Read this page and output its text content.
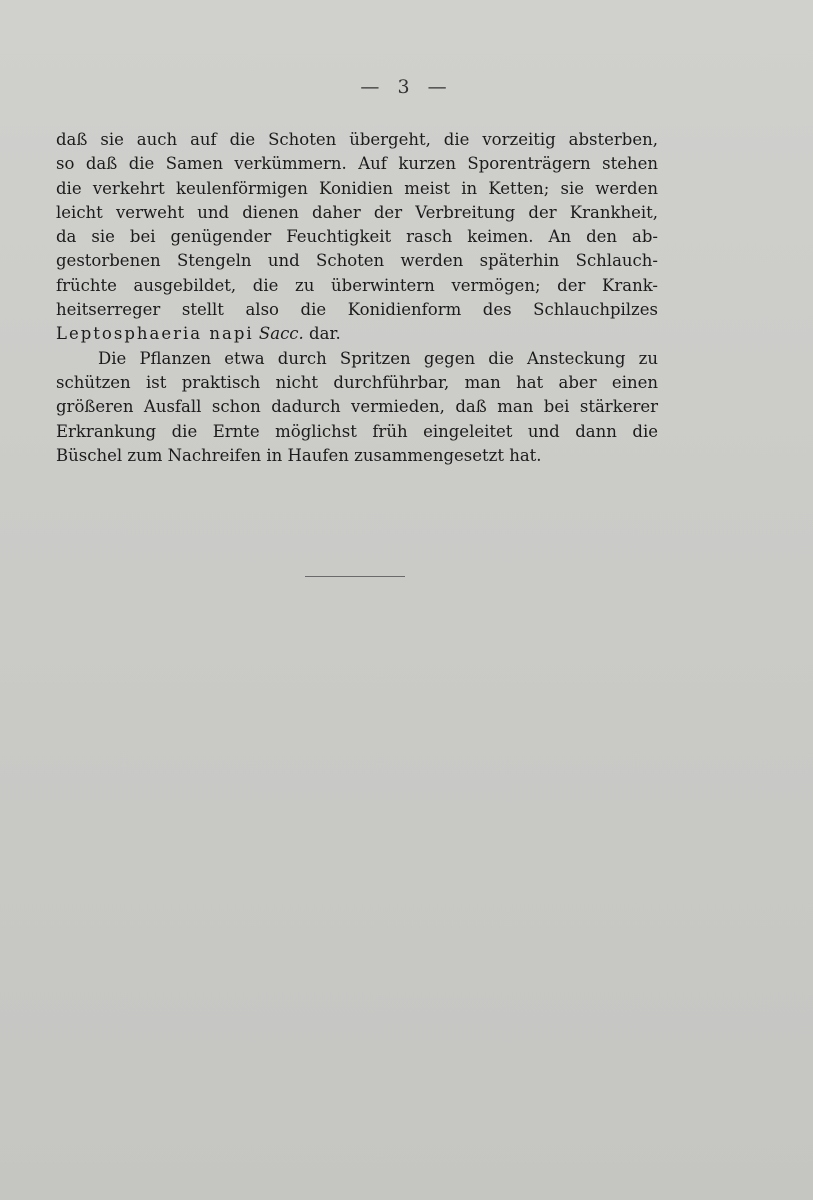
— 3 —
daß sie auch auf die Schoten übergeht, die vorzeitig absterben,
so daß die Samen verkümmern. Auf kurzen Sporenträgern stehen
die verkehrt keulenförmigen Konidien meist in Ketten; sie werden
leicht verweht und dienen daher der Verbreitung der Krankheit,
da sie bei genügender Feuchtigkeit rasch keimen. An den ab-
gestorbenen Stengeln und Schoten werden späterhin Schlauch-
früchte ausgebildet, die zu überwintern vermögen; der Krank-
heitserreger stellt also die Konidienform des Schlauchpilzes
Leptosphaeria napi Sacc. dar.
Die Pflanzen etwa durch Spritzen gegen die Ansteckung zu
schützen ist praktisch nicht durchführbar, man hat aber einen
größeren Ausfall schon dadurch vermieden, daß man bei stärkerer
Erkrankung die Ernte möglichst früh eingeleitet und dann die
Büschel zum Nachreifen in Haufen zusammengesetzt hat.
